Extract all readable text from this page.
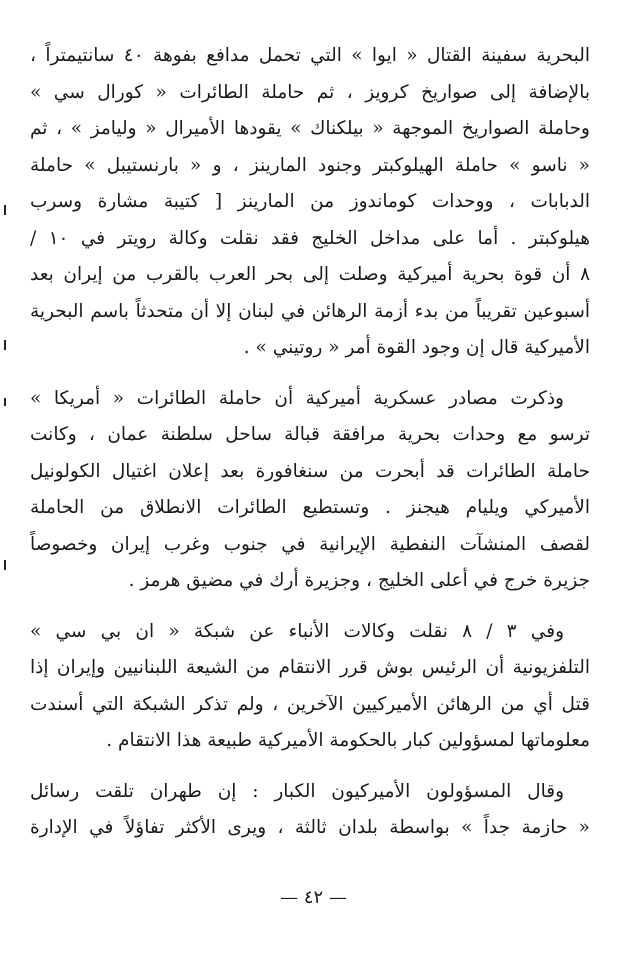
البحرية سفينة القتال « ايوا » التي تحمل مدافع بفوهة ٤٠ سانتيمتراً ،
بالإضافة إلى صواريخ كرويز ، ثم حاملة الطائرات « كورال سي »
وحاملة الصواريخ الموجهة « بيلكناك » يقودها الأميرال « وليامز » ، ثم
« ناسو » حاملة الهيلوكبتر وجنود المارينز ، و « بارنستيبل » حاملة
الدبابات ، ووحدات كوماندوز من المارينز [ كتيبة مشارة وسرب
هيلوكبتر . أما على مداخل الخليج فقد نقلت وكالة رويتر في ١٠ /
٨ أن قوة بحرية أميركية وصلت إلى بحر العرب بالقرب من إيران بعد
أسبوعين تقريباً من بدء أزمة الرهائن في لبنان إلا أن متحدثاً باسم البحرية
الأميركية قال إن وجود القوة أمر « روتيني » .

وذكرت مصادر عسكرية أميركية أن حاملة الطائرات « أمريكا »
ترسو مع وحدات بحرية مرافقة قبالة ساحل سلطنة عمان ، وكانت
حاملة الطائرات قد أبحرت من سنغافورة بعد إعلان اغتيال الكولونيل
الأميركي ويليام هيجنز . وتستطيع الطائرات الانطلاق من الحاملة
لقصف المنشآت النفطية الإيرانية في جنوب وغرب إيران وخصوصاً
جزيرة خرج في أعلى الخليج ، وجزيرة أرك في مضيق هرمز .

وفي ٣ / ٨ نقلت وكالات الأنباء عن شبكة « ان بي سي »
التلفزيونية أن الرئيس بوش قرر الانتقام من الشيعة اللبنانيين وإيران إذا
قتل أي من الرهائن الأميركيين الآخرين ، ولم تذكر الشبكة التي أسندت
معلوماتها لمسؤولين كبار بالحكومة الأميركية طبيعة هذا الانتقام .

وقال المسؤولون الأميركيون الكبار : إن طهران تلقت رسائل
« حازمة جداً » بواسطة بلدان ثالثة ، ويرى الأكثر تفاؤلاً في الإدارة

— ٤٢ —
